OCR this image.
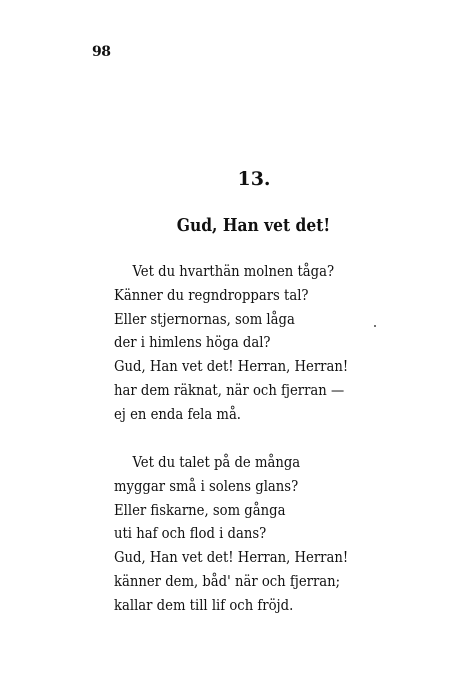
98
13.
Gud, Han vet det!
Vet du hvarthän molnen tåga?
Känner du regndroppars tal?
Eller stjernornas, som låga
der i himlens höga dal?
Gud, Han vet det! Herran, Herran!
har dem räknat, när och fjerran —
ej en enda fela må.
Vet du talet på de många
myggar små i solens glans?
Eller fiskarne, som gånga
uti haf och flod i dans?
Gud, Han vet det! Herran, Herran!
känner dem, båd' när och fjerran;
kallar dem till lif och fröjd.
